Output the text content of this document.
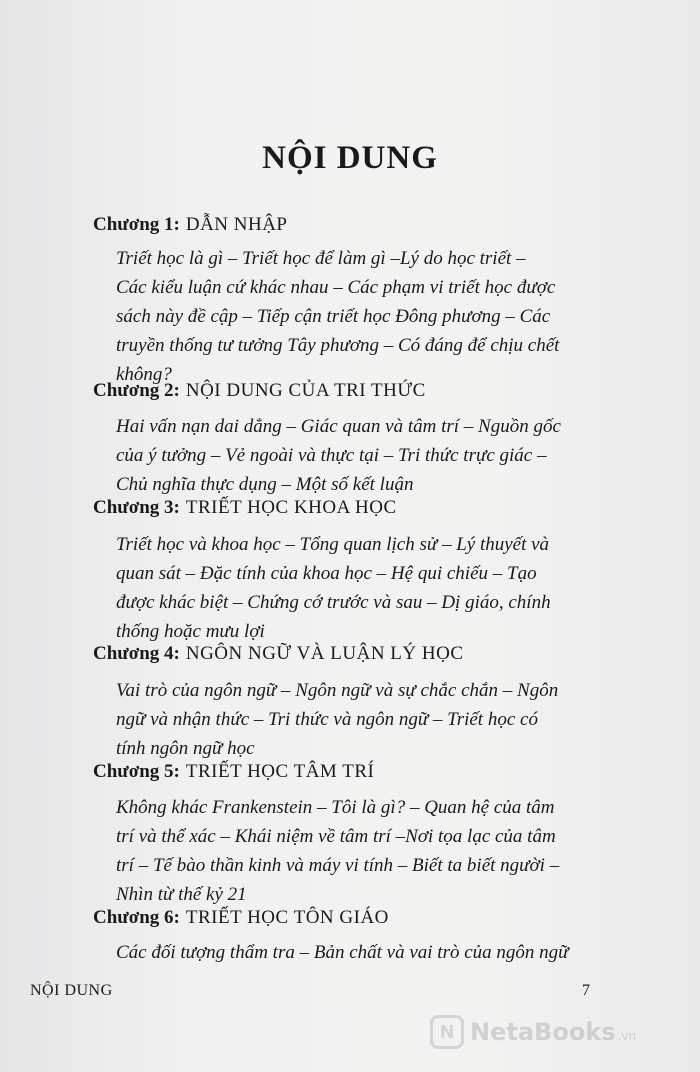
NỘI DUNG
Chương 1: DẪN NHẬP
Triết học là gì – Triết học để làm gì –Lý do học triết –
Các kiểu luận cứ khác nhau – Các phạm vi triết học được
sách này đề cập – Tiếp cận triết học Đông phương – Các
truyền thống tư tưởng Tây phương – Có đáng để chịu chết
không?
Chương 2: NỘI DUNG CỦA TRI THỨC
Hai vấn nạn dai dẳng – Giác quan và tâm trí – Nguồn gốc
của ý tưởng – Vẻ ngoài và thực tại – Tri thức trực giác –
Chủ nghĩa thực dụng – Một số kết luận
Chương 3: TRIẾT HỌC KHOA HỌC
Triết học và khoa học – Tổng quan lịch sử – Lý thuyết và
quan sát – Đặc tính của khoa học – Hệ qui chiếu – Tạo
được khác biệt – Chứng cớ trước và sau – Dị giáo, chính
thống hoặc mưu lợi
Chương 4: NGÔN NGỮ VÀ LUẬN LÝ HỌC
Vai trò của ngôn ngữ – Ngôn ngữ và sự chắc chắn – Ngôn
ngữ và nhận thức – Tri thức và ngôn ngữ – Triết học có
tính ngôn ngữ học
Chương 5: TRIẾT HỌC TÂM TRÍ
Không khác Frankenstein – Tôi là gì? – Quan hệ của tâm
trí và thể xác – Khái niệm về tâm trí –Nơi tọa lạc của tâm
trí – Tế bào thần kinh và máy vi tính – Biết ta biết người –
Nhìn từ thế kỷ 21
Chương 6: TRIẾT HỌC TÔN GIÁO
Các đối tượng thẩm tra – Bản chất và vai trò của ngôn ngữ
NỘI DUNG	7
N NetaBooks .vn
